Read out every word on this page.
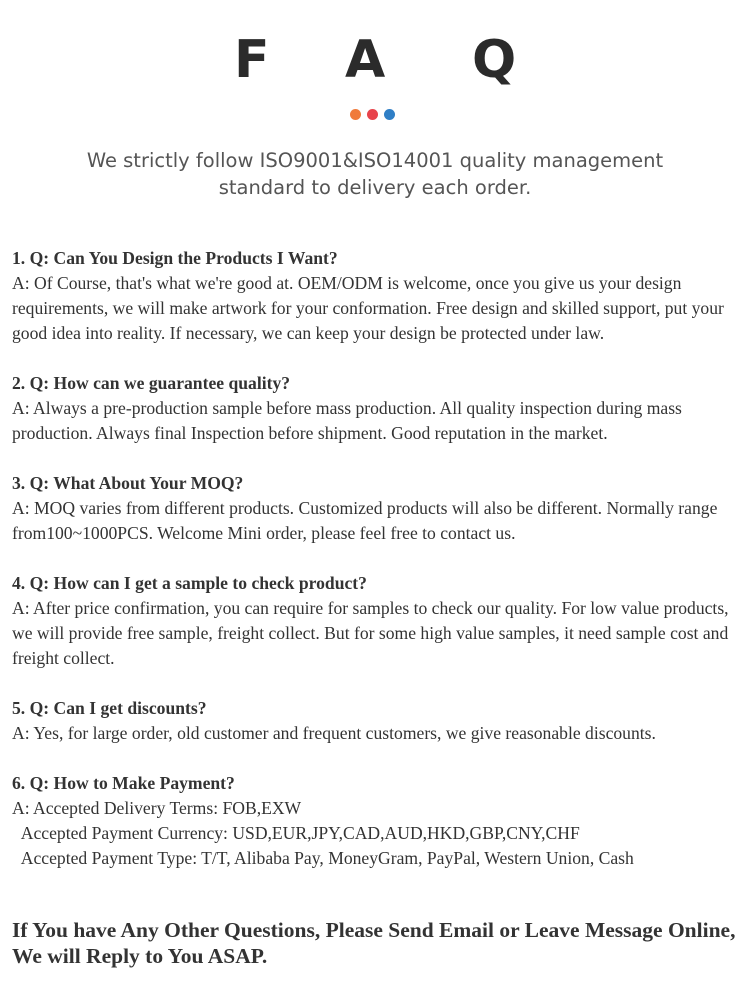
F A Q
We strictly follow ISO9001&ISO14001 quality management
standard to delivery each order.
1. Q: Can You Design the Products I Want?
A: Of Course, that's what we're good at. OEM/ODM is welcome, once you give us your design requirements, we will make artwork for your conformation. Free design and skilled support, put your good idea into reality. If necessary, we can keep your design be protected under law.
2. Q: How can we guarantee quality?
A: Always a pre-production sample before mass production. All quality inspection during mass production. Always final Inspection before shipment. Good reputation in the market.
3. Q: What About Your MOQ?
A: MOQ varies from different products. Customized products will also be different. Normally range from100~1000PCS. Welcome Mini order, please feel free to contact us.
4. Q: How can I get a sample to check product?
A: After price confirmation, you can require for samples to check our quality. For low value products, we will provide free sample, freight collect. But for some high value samples, it need sample cost and freight collect.
5. Q: Can I get discounts?
A: Yes, for large order, old customer and frequent customers, we give reasonable discounts.
6. Q: How to Make Payment?
A: Accepted Delivery Terms: FOB,EXW
Accepted Payment Currency: USD,EUR,JPY,CAD,AUD,HKD,GBP,CNY,CHF
Accepted Payment Type: T/T, Alibaba Pay, MoneyGram, PayPal, Western Union, Cash
If You have Any Other Questions, Please Send Email or Leave Message Online, We will Reply to You ASAP.
